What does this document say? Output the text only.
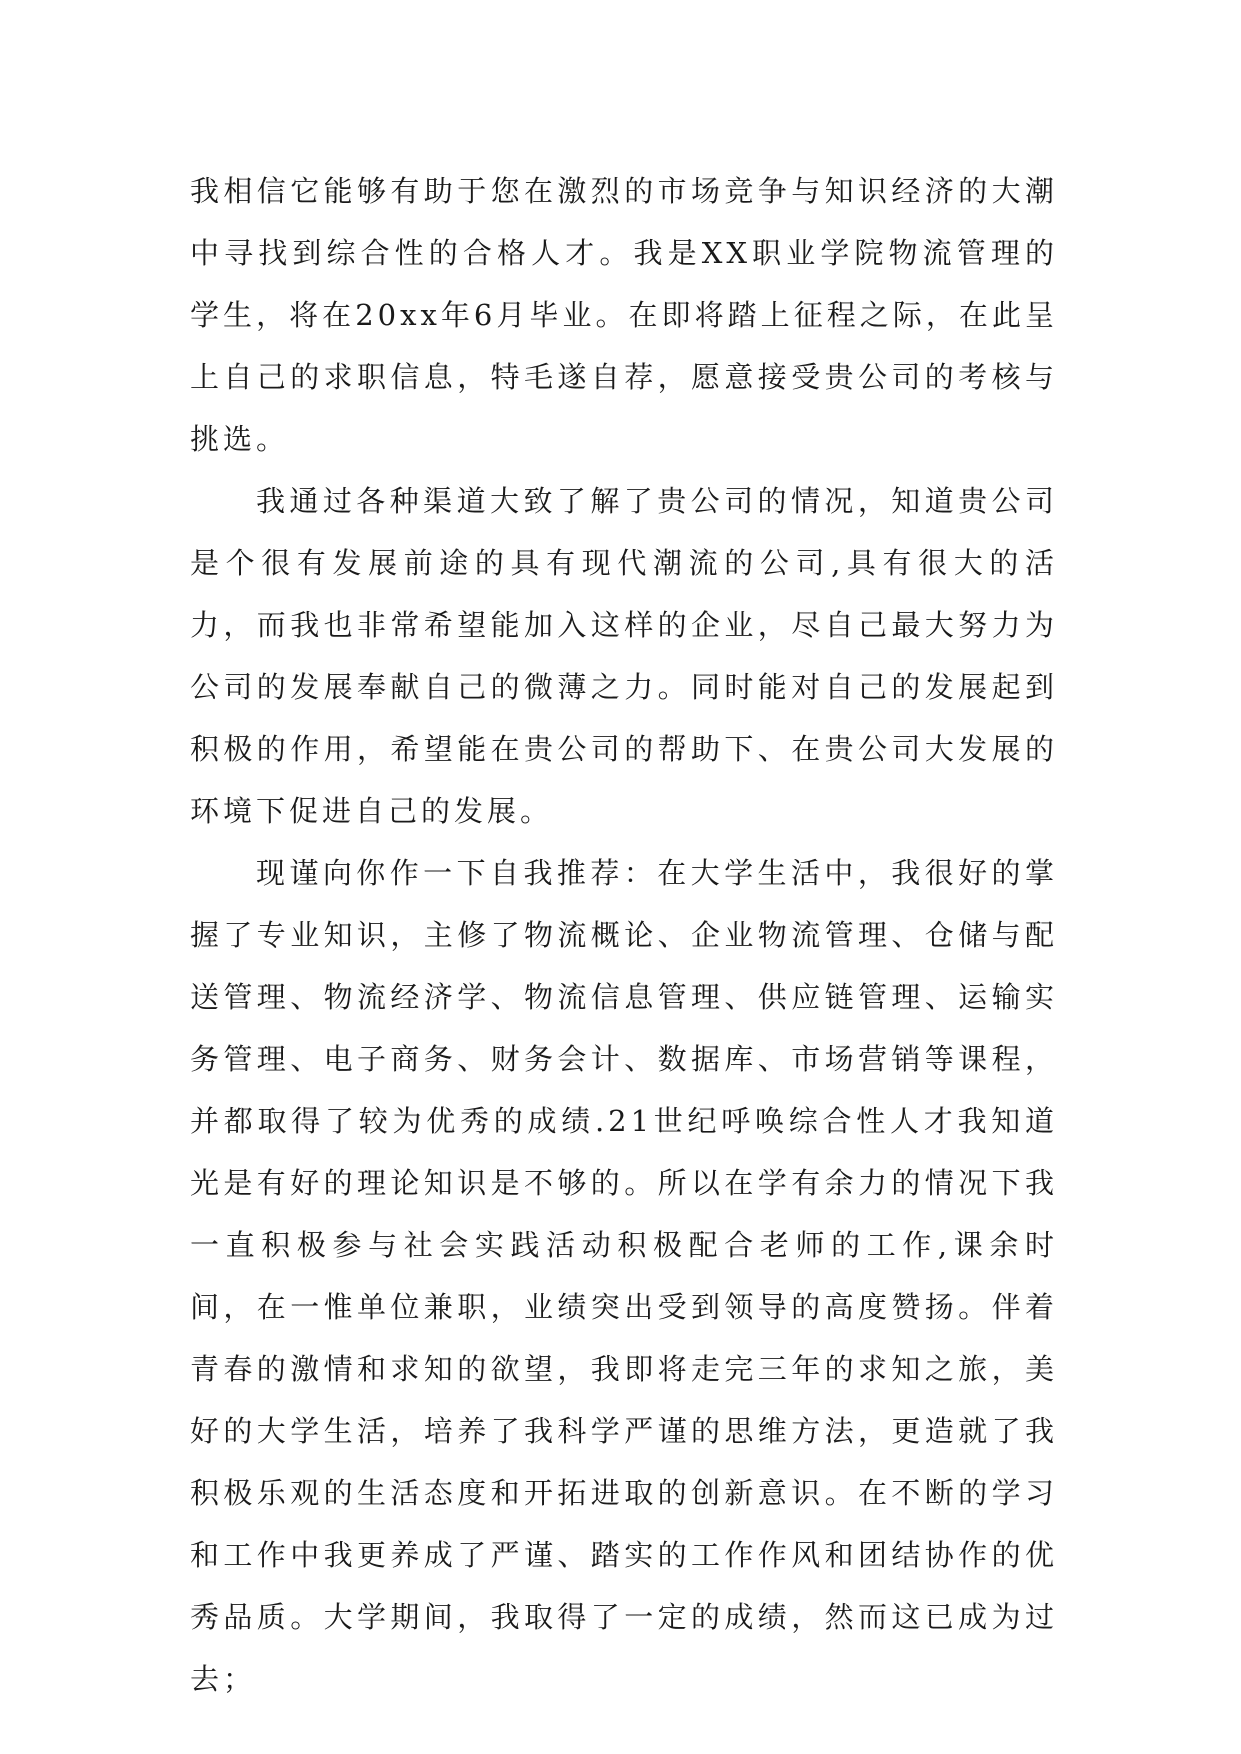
我相信它能够有助于您在激烈的市场竞争与知识经济的大潮中寻找到综合性的合格人才。我是XX职业学院物流管理的学生，将在20xx年6月毕业。在即将踏上征程之际，在此呈上自己的求职信息，特毛遂自荐，愿意接受贵公司的考核与挑选。

我通过各种渠道大致了解了贵公司的情况，知道贵公司是个很有发展前途的具有现代潮流的公司,具有很大的活力，而我也非常希望能加入这样的企业，尽自己最大努力为公司的发展奉献自己的微薄之力。同时能对自己的发展起到积极的作用，希望能在贵公司的帮助下、在贵公司大发展的环境下促进自己的发展。

现谨向你作一下自我推荐：在大学生活中，我很好的掌握了专业知识，主修了物流概论、企业物流管理、仓储与配送管理、物流经济学、物流信息管理、供应链管理、运输实务管理、电子商务、财务会计、数据库、市场营销等课程，并都取得了较为优秀的成绩.21世纪呼唤综合性人才我知道光是有好的理论知识是不够的。所以在学有余力的情况下我一直积极参与社会实践活动积极配合老师的工作,课余时间，在一惟单位兼职，业绩突出受到领导的高度赞扬。伴着青春的激情和求知的欲望，我即将走完三年的求知之旅，美好的大学生活，培养了我科学严谨的思维方法，更造就了我积极乐观的生活态度和开拓进取的创新意识。在不断的学习和工作中我更养成了严谨、踏实的工作作风和团结协作的优秀品质。大学期间，我取得了一定的成绩，然而这已成为过去；
